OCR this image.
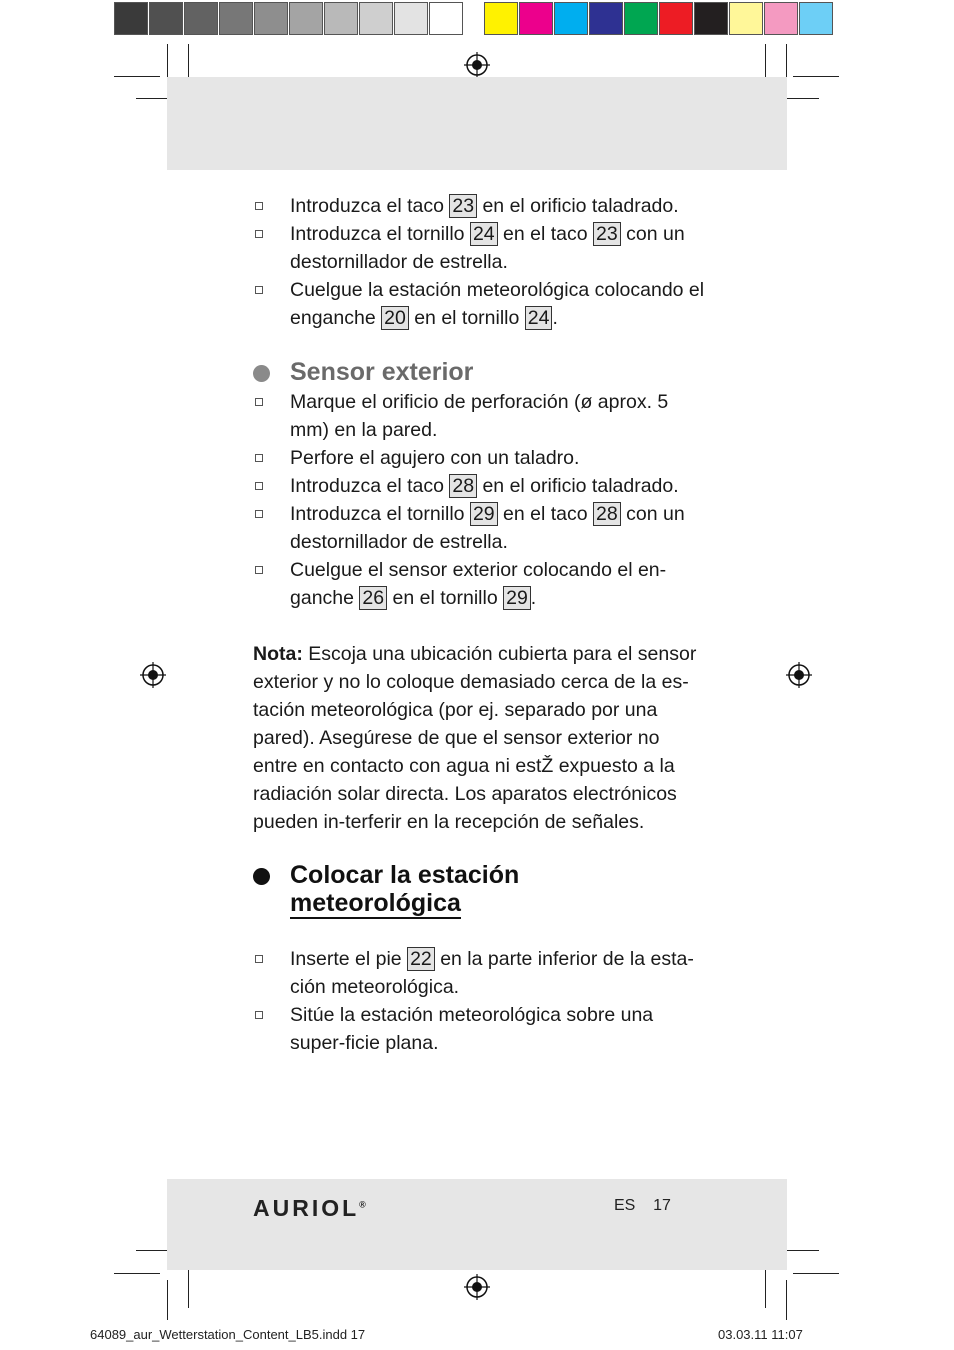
Introduzca el taco 23 en el orificio taladrado.
Introduzca el tornillo 24 en el taco 23 con un destornillador de estrella.
Cuelgue la estación meteorológica colocando el enganche 20 en el tornillo 24 .
Sensor exterior
Marque el orificio de perforación (ø aprox. 5 mm) en la pared.
Perfore el agujero con un taladro.
Introduzca el taco 28 en el orificio taladrado.
Introduzca el tornillo 29 en el taco 28 con un destornillador de estrella.
Cuelgue el sensor exterior colocando el en-ganche 26 en el tornillo 29 .
Nota: Escoja una ubicación cubierta para el sensor exterior y no lo coloque demasiado cerca de la es-tación meteorológica (por ej. separado por una pared). Asegúrese de que el sensor exterior no entre en contacto con agua ni estŽ expuesto a la radiación solar directa. Los aparatos electrónicos pueden in-terferir en la recepción de señales.
Colocar la estación
meteorológica
Inserte el pie 22 en la parte inferior de la esta-ción meteorológica.
Sitúe la estación meteorológica sobre una super-ficie plana.
AURIOL®	ES 17
64089_aur_Wetterstation_Content_LB5.indd 17	03.03.11 11:07
